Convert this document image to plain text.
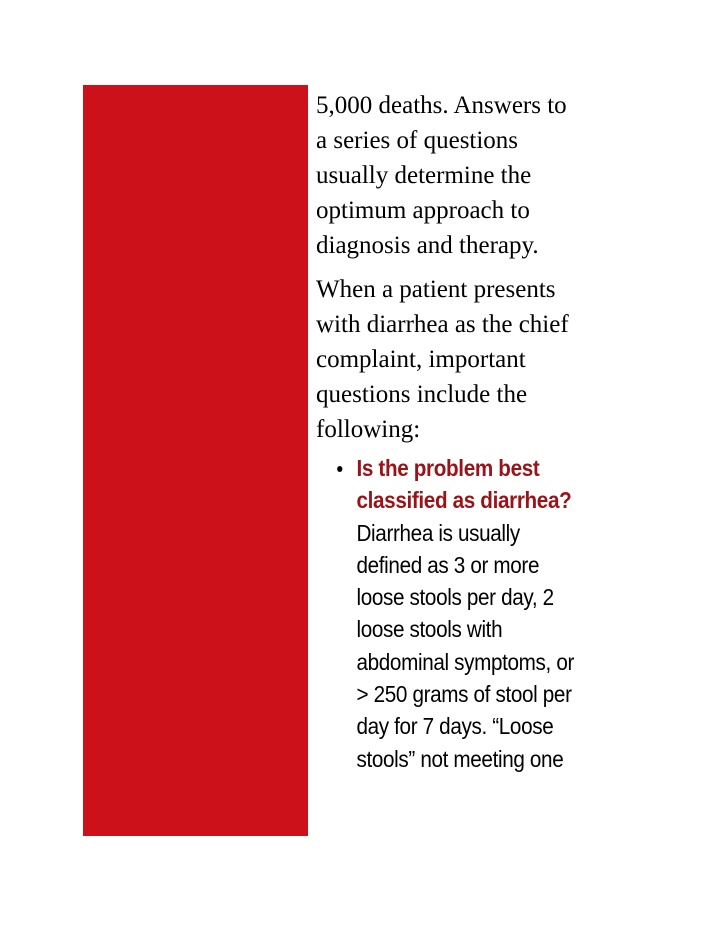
5,000 deaths. Answers to
a series of questions
usually determine the
optimum approach to
diagnosis and therapy.

When a patient presents
with diarrhea as the chief
complaint, important
questions include the
following:

Is the problem best
classified as diarrhea?
Diarrhea is usually
defined as 3 or more
loose stools per day, 2
loose stools with
abdominal symptoms, or
> 250 grams of stool per
day for 7 days. “Loose
stools” not meeting one
